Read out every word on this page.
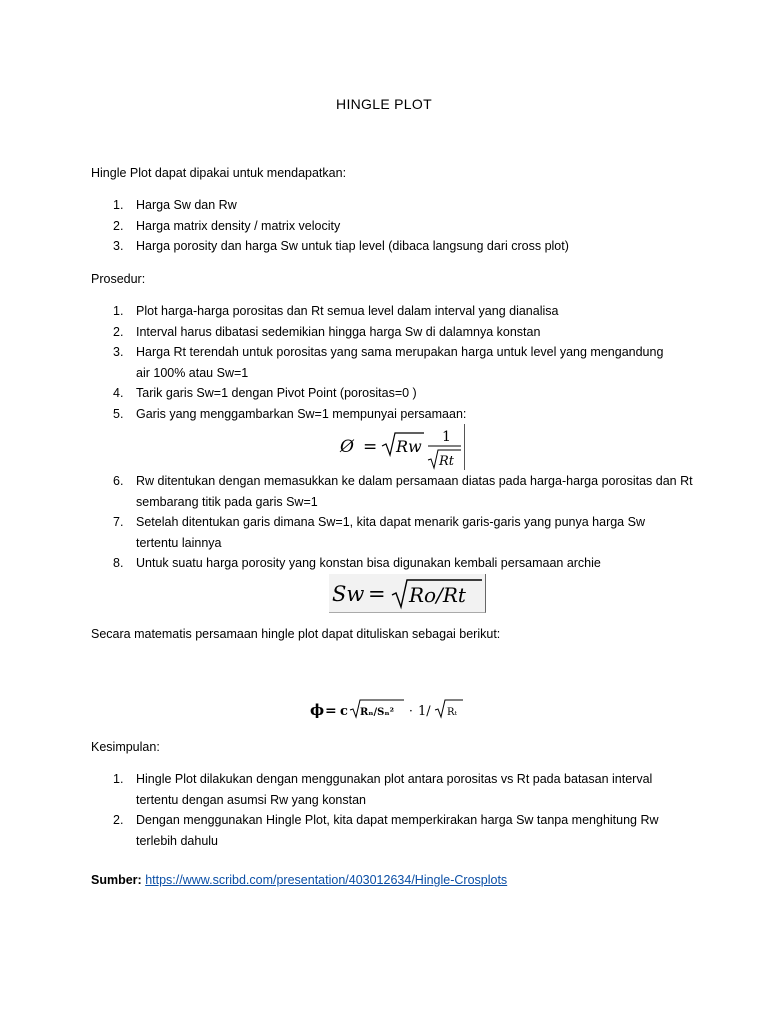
HINGLE PLOT
Hingle Plot dapat dipakai untuk mendapatkan:
1. Harga Sw dan Rw
2. Harga matrix density / matrix velocity
3. Harga porosity dan harga Sw untuk tiap level (dibaca langsung dari cross plot)
Prosedur:
1. Plot harga-harga porositas dan Rt semua level dalam interval yang dianalisa
2. Interval harus dibatasi sedemikian hingga harga Sw di dalamnya konstan
3. Harga Rt terendah untuk porositas yang sama merupakan harga untuk level yang mengandung air 100% atau Sw=1
4. Tarik garis Sw=1 dengan Pivot Point (porositas=0 )
5. Garis yang menggambarkan Sw=1 mempunyai persamaan:
Ø = Rw 1
Rt
6. Rw ditentukan dengan memasukkan ke dalam persamaan diatas pada harga-harga porositas dan Rt sembarang titik pada garis Sw=1
7. Setelah ditentukan garis dimana Sw=1, kita dapat menarik garis-garis yang punya harga Sw tertentu lainnya
8. Untuk suatu harga porosity yang konstan bisa digunakan kembali persamaan archie
Sw = Ro/Rt
Secara matematis persamaan hingle plot dapat dituliskan sebagai berikut:
ϕ = c Rₙ/Sₙ² · 1/ Rₜ
Kesimpulan:
1. Hingle Plot dilakukan dengan menggunakan plot antara porositas vs Rt pada batasan interval tertentu dengan asumsi Rw yang konstan
2. Dengan menggunakan Hingle Plot, kita dapat memperkirakan harga Sw tanpa menghitung Rw terlebih dahulu
Sumber: https://www.scribd.com/presentation/403012634/Hingle-Crosplots
